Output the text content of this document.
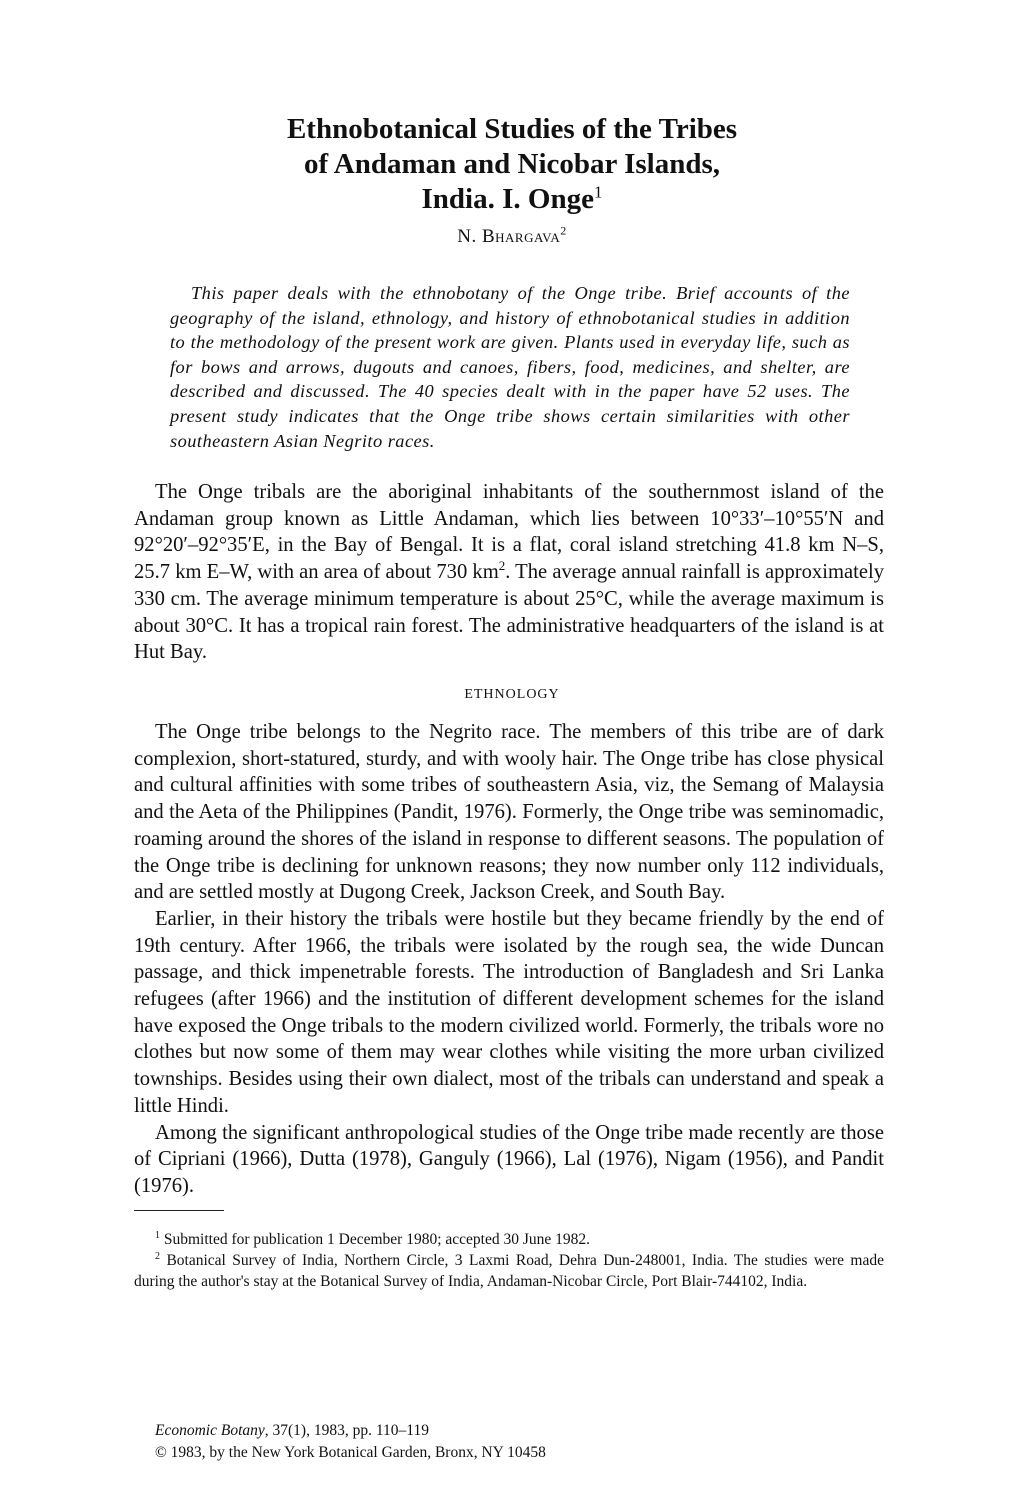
Ethnobotanical Studies of the Tribes
of Andaman and Nicobar Islands,
India. I. Onge$^1$
N. Bhargava$^2$

This paper deals with the ethnobotany of the Onge tribe. Brief accounts of the geography of the island, ethnology, and history of ethnobotanical studies in addition to the methodology of the present work are given. Plants used in everyday life, such as for bows and arrows, dugouts and canoes, fibers, food, medicines, and shelter, are described and discussed. The 40 species dealt with in the paper have 52 uses. The present study indicates that the Onge tribe shows certain similarities with other southeastern Asian Negrito races.

The Onge tribals are the aboriginal inhabitants of the southernmost island of the Andaman group known as Little Andaman, which lies between 10°33′–10°55′N and 92°20′–92°35′E, in the Bay of Bengal. It is a flat, coral island stretching 41.8 km N–S, 25.7 km E–W, with an area of about 730 $km^2$. The average annual rainfall is approximately 330 cm. The average minimum temperature is about 25°C, while the average maximum is about 30°C. It has a tropical rain forest. The administrative headquarters of the island is at Hut Bay.

ETHNOLOGY

The Onge tribe belongs to the Negrito race. The members of this tribe are of dark complexion, short-statured, sturdy, and with wooly hair. The Onge tribe has close physical and cultural affinities with some tribes of southeastern Asia, viz, the Semang of Malaysia and the Aeta of the Philippines (Pandit, 1976). Formerly, the Onge tribe was seminomadic, roaming around the shores of the island in response to different seasons. The population of the Onge tribe is declining for unknown reasons; they now number only 112 individuals, and are settled mostly at Dugong Creek, Jackson Creek, and South Bay.

Earlier, in their history the tribals were hostile but they became friendly by the end of 19th century. After 1966, the tribals were isolated by the rough sea, the wide Duncan passage, and thick impenetrable forests. The introduction of Bangladesh and Sri Lanka refugees (after 1966) and the institution of different development schemes for the island have exposed the Onge tribals to the modern civilized world. Formerly, the tribals wore no clothes but now some of them may wear clothes while visiting the more urban civilized townships. Besides using their own dialect, most of the tribals can understand and speak a little Hindi.

Among the significant anthropological studies of the Onge tribe made recently are those of Cipriani (1966), Dutta (1978), Ganguly (1966), Lal (1976), Nigam (1956), and Pandit (1976).

$^1$ Submitted for publication 1 December 1980; accepted 30 June 1982.

$^2$ Botanical Survey of India, Northern Circle, 3 Laxmi Road, Dehra Dun-248001, India. The studies were made during the author's stay at the Botanical Survey of India, Andaman-Nicobar Circle, Port Blair-744102, India.

Economic Botany, 37(1), 1983, pp. 110–119
© 1983, by the New York Botanical Garden, Bronx, NY 10458
